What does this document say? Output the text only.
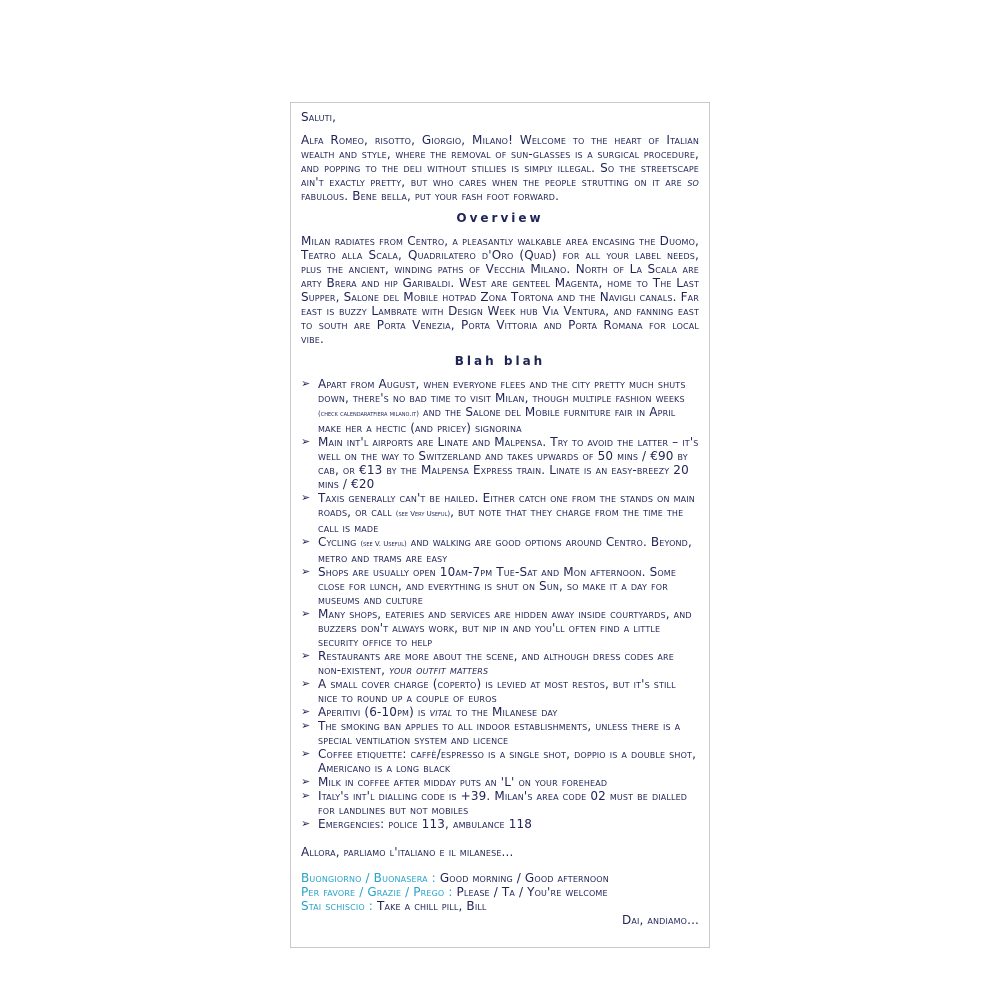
Saluti,

Alfa Romeo, risotto, Giorgio, Milano! Welcome to the heart of Italian wealth and style, where the removal of sun-glasses is a surgical procedure, and popping to the deli without stillies is simply illegal. So the streetscape ain't exactly pretty, but who cares when the people strutting on it are so fabulous. Bene bella, put your fash foot forward.

Overview

Milan radiates from Centro, a pleasantly walkable area encasing the Duomo, Teatro alla Scala, Quadrilatero d'Oro (Quad) for all your label needs, plus the ancient, winding paths of Vecchia Milano. North of La Scala are arty Brera and hip Garibaldi. West are genteel Magenta, home to The Last Supper, Salone del Mobile hotpad Zona Tortona and the Navigli canals. Far east is buzzy Lambrate with Design Week hub Via Ventura, and fanning east to south are Porta Venezia, Porta Vittoria and Porta Romana for local vibe.

Blah blah
➢ Apart from August, when everyone flees and the city pretty much shuts down, there's no bad time to visit Milan, though multiple fashion weeks (check calendaratfiera milano.it) and the Salone del Mobile furniture fair in April make her a hectic (and pricey) signorina
➢ Main int'l airports are Linate and Malpensa. Try to avoid the latter – it's well on the way to Switzerland and takes upwards of 50 mins / €90 by cab, or €13 by the Malpensa Express train. Linate is an easy-breezy 20 mins / €20
➢ Taxis generally can't be hailed. Either catch one from the stands on main roads, or call (see Very Useful), but note that they charge from the time the call is made
➢ Cycling (see V. Useful) and walking are good options around Centro. Beyond, metro and trams are easy
➢ Shops are usually open 10am-7pm Tue-Sat and Mon afternoon. Some close for lunch, and everything is shut on Sun, so make it a day for museums and culture
➢ Many shops, eateries and services are hidden away inside courtyards, and buzzers don't always work, but nip in and you'll often find a little security office to help
➢ Restaurants are more about the scene, and although dress codes are non-existent, your outfit matters
➢ A small cover charge (coperto) is levied at most restos, but it's still nice to round up a couple of euros
➢ Aperitivi (6-10pm) is vital to the Milanese day
➢ The smoking ban applies to all indoor establishments, unless there is a special ventilation system and licence
➢ Coffee etiquette: caffè/espresso is a single shot, doppio is a double shot, Americano is a long black
➢ Milk in coffee after midday puts an 'L' on your forehead
➢ Italy's int'l dialling code is +39. Milan's area code 02 must be dialled for landlines but not mobiles
➢ Emergencies: police 113, ambulance 118

Allora, parliamo l'italiano e il milanese...

Buongiorno / Buonasera : Good morning / Good afternoon

Per favore / Grazie / Prego : Please / Ta / You're welcome

Stai schiscio : Take a chill pill, Bill

Dai, andiamo...
